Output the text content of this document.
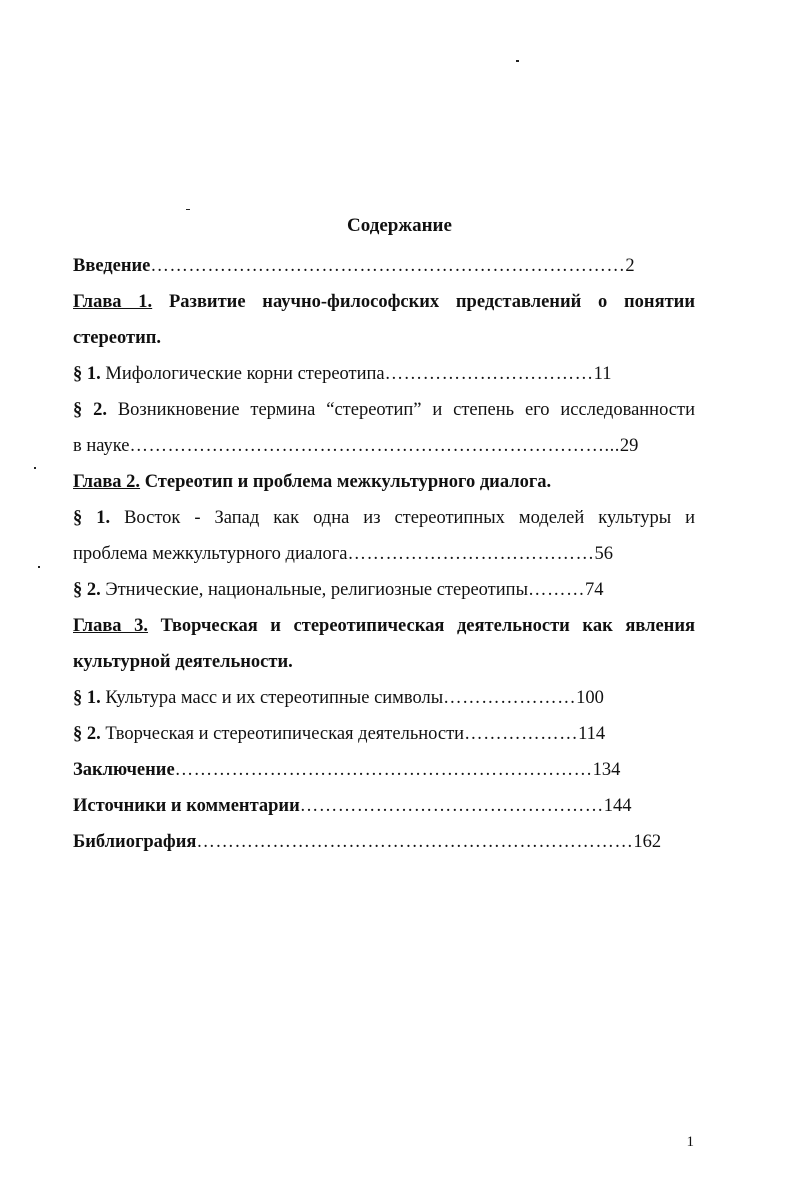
Содержание
Введение…………………………………………………………………2
Глава 1. Развитие научно-философских представлений о понятии
стереотип.
§ 1. Мифологические корни стереотипа……………………………11
§ 2. Возникновение термина “стереотип” и степень его исследованности
в науке…………………………………………………………………...29
Глава 2. Стереотип и проблема межкультурного диалога.
§ 1. Восток - Запад как одна из стереотипных моделей культуры и
проблема межкультурного диалога…………………………………56
§ 2. Этнические, национальные, религиозные стереотипы………74
Глава 3. Творческая и стереотипическая деятельности как явления
культурной деятельности.
§ 1. Культура масс и их стереотипные символы…………………100
§ 2. Творческая и стереотипическая деятельности………………114
Заключение…………………………………………………………134
Источники и комментарии…………………………………………144
Библиография……………………………………………………………162
1
